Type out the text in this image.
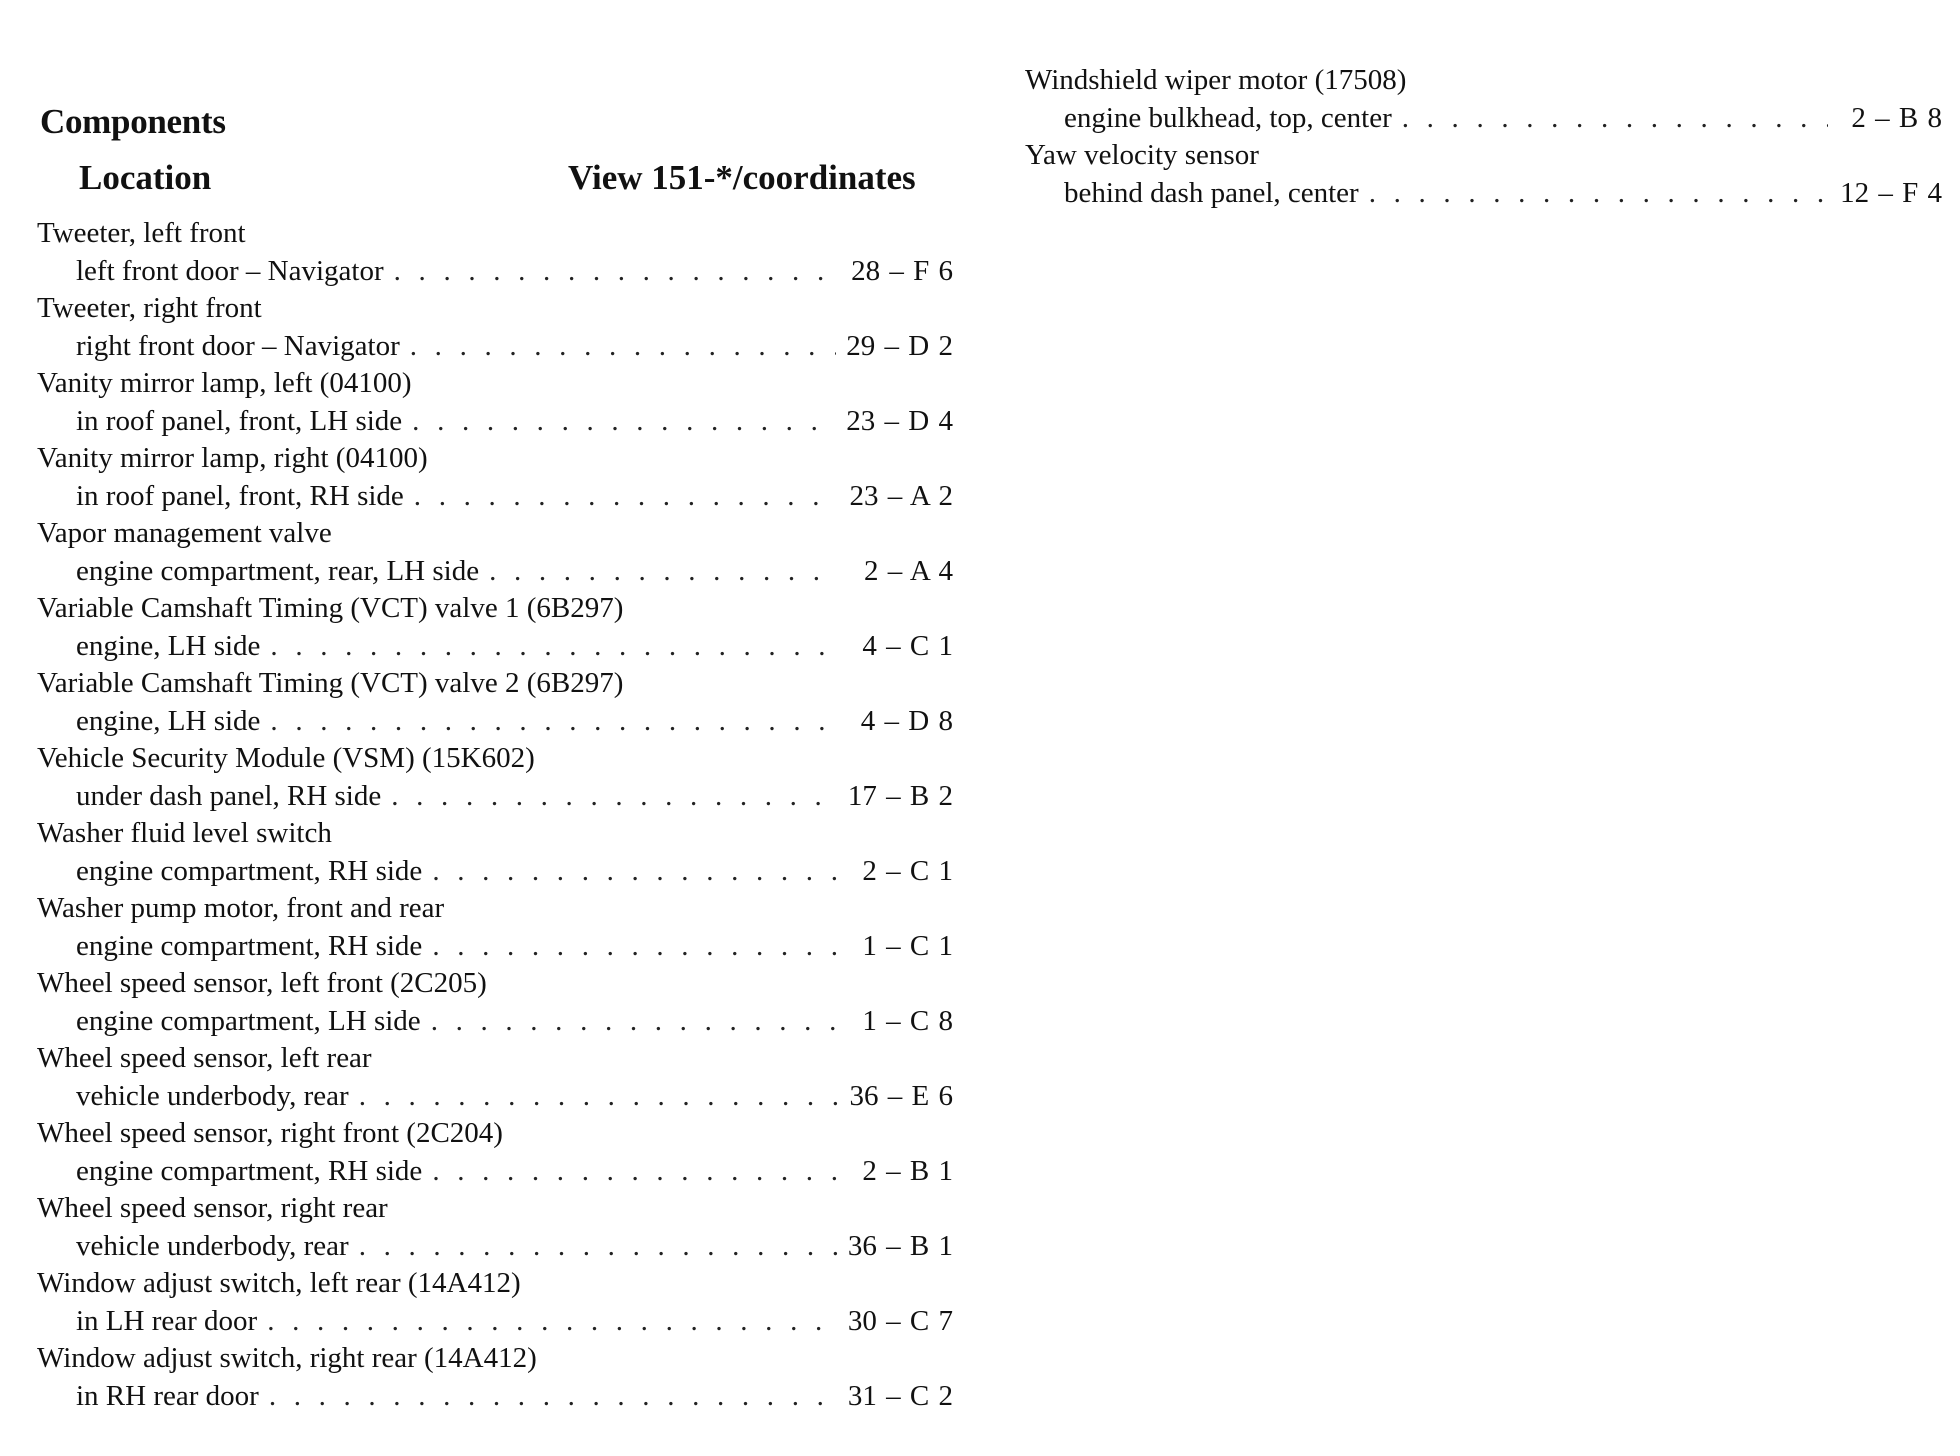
Components
Location	View 151-*/coordinates
Tweeter, left front
left front door – Navigator . . .	28 – F 6
Tweeter, right front
right front door – Navigator . . .	29 – D 2
Vanity mirror lamp, left (04100)
in roof panel, front, LH side . . .	23 – D 4
Vanity mirror lamp, right (04100)
in roof panel, front, RH side . . .	23 – A 2
Vapor management valve
engine compartment, rear, LH side . . .	2 – A 4
Variable Camshaft Timing (VCT) valve 1 (6B297)
engine, LH side . . .	4 – C 1
Variable Camshaft Timing (VCT) valve 2 (6B297)
engine, LH side . . .	4 – D 8
Vehicle Security Module (VSM) (15K602)
under dash panel, RH side . . .	17 – B 2
Washer fluid level switch
engine compartment, RH side . . .	2 – C 1
Washer pump motor, front and rear
engine compartment, RH side . . .	1 – C 1
Wheel speed sensor, left front (2C205)
engine compartment, LH side . . .	1 – C 8
Wheel speed sensor, left rear
vehicle underbody, rear . . .	36 – E 6
Wheel speed sensor, right front (2C204)
engine compartment, RH side . . .	2 – B 1
Wheel speed sensor, right rear
vehicle underbody, rear . . .	36 – B 1
Window adjust switch, left rear (14A412)
in LH rear door . . .	30 – C 7
Window adjust switch, right rear (14A412)
in RH rear door . . .	31 – C 2
Windshield wiper motor (17508)
engine bulkhead, top, center . . .	2 – B 8
Yaw velocity sensor
behind dash panel, center . . .	12 – F 4
